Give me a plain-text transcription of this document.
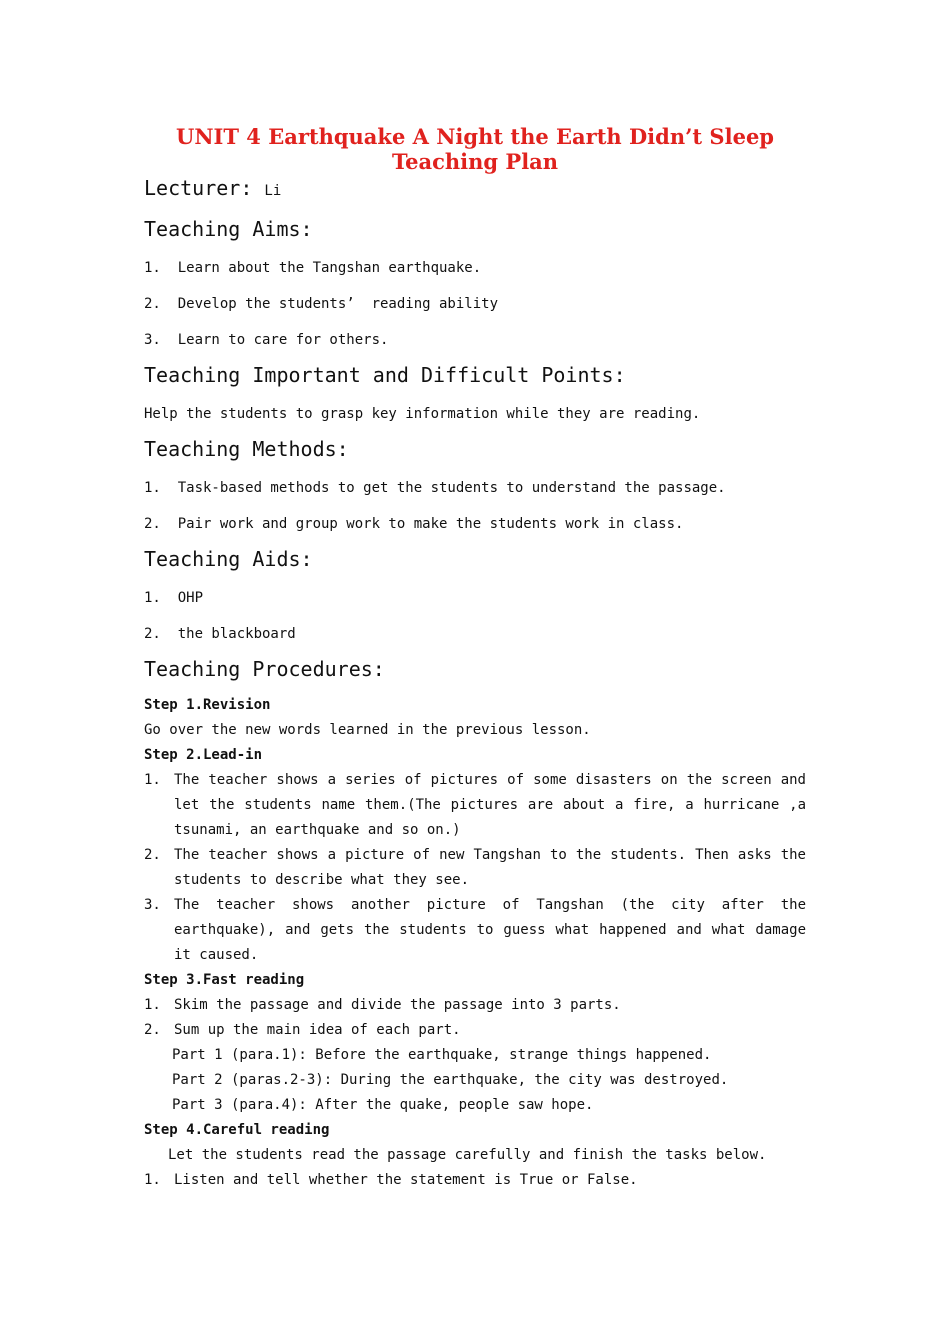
UNIT 4 Earthquake A Night the Earth Didn’t Sleep Teaching Plan
Lecturer: Li
Teaching Aims:
1.  Learn about the Tangshan earthquake.
2.  Develop the students’  reading ability
3.  Learn to care for others.
Teaching Important and Difficult Points:
Help the students to grasp key information while they are reading.
Teaching Methods:
1.  Task-based methods to get the students to understand the passage.
2.  Pair work and group work to make the students work in class.
Teaching Aids:
1.  OHP
2.  the blackboard
Teaching Procedures:

Step 1.Revision

Go over the new words learned in the previous lesson.

Step 2.Lead-in

1. The teacher shows a series of pictures of some disasters on the screen and let the students name them.(The pictures are about a fire, a hurricane ,a tsunami, an earthquake and so on.)
2. The teacher shows a picture of new Tangshan to the students. Then asks the students to describe what they see.
3. The teacher shows another picture of Tangshan (the city after the earthquake), and gets the students to guess what happened and what damage it caused.

Step 3.Fast reading

1. Skim the passage and divide the passage into 3 parts.
2. Sum up the main idea of each part.

Part 1 (para.1): Before the earthquake, strange things happened.

Part 2 (paras.2-3): During the earthquake, the city was destroyed.

Part 3 (para.4): After the quake, people saw hope.

Step 4.Careful reading

Let the students read the passage carefully and finish the tasks below.

1. Listen and tell whether the statement is True or False.
